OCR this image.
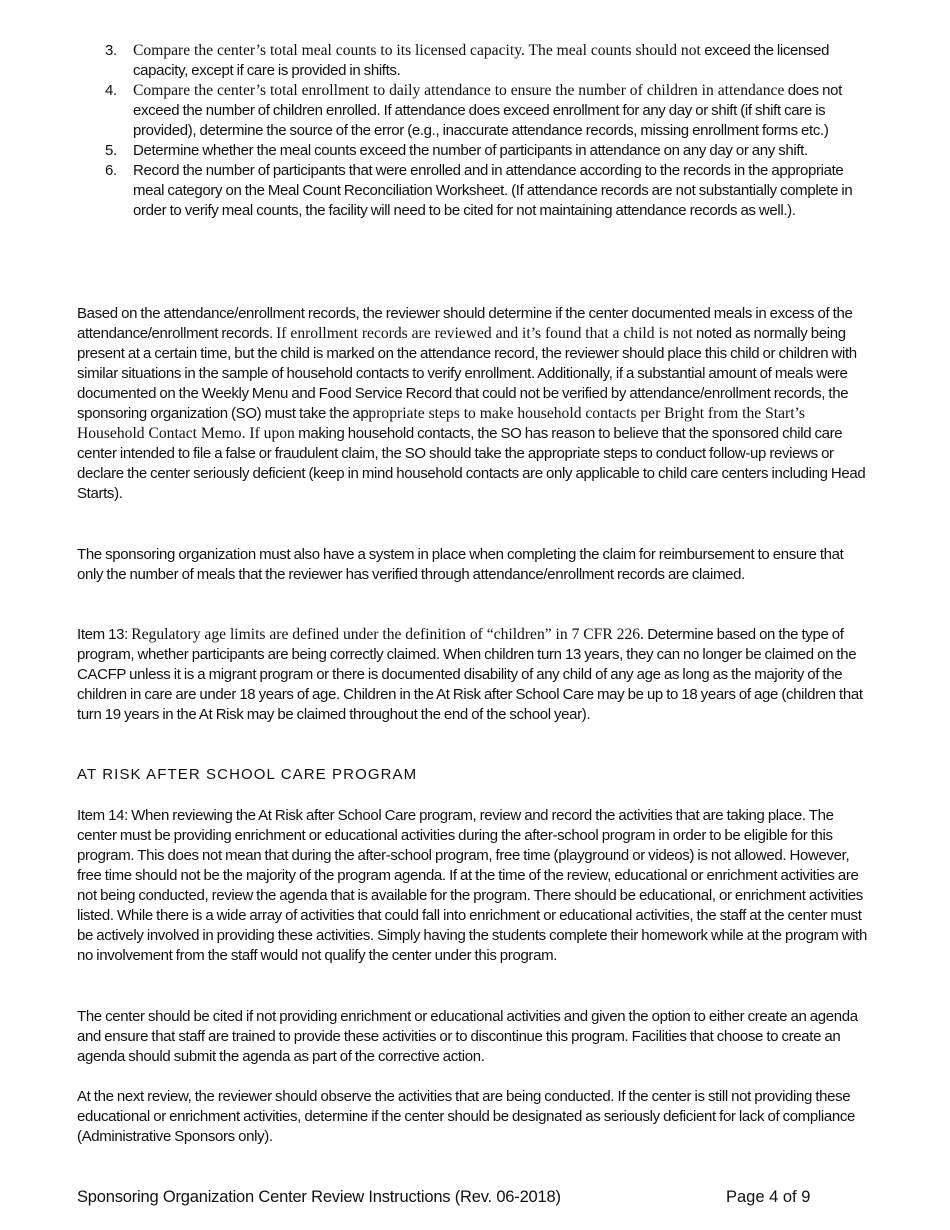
3. Compare the center’s total meal counts to its licensed capacity. The meal counts should not exceed the licensed capacity, except if care is provided in shifts.
4. Compare the center’s total enrollment to daily attendance to ensure the number of children in attendance does not exceed the number of children enrolled. If attendance does exceed enrollment for any day or shift (if shift care is provided), determine the source of the error (e.g., inaccurate attendance records, missing enrollment forms etc.)
5. Determine whether the meal counts exceed the number of participants in attendance on any day or any shift.
6. Record the number of participants that were enrolled and in attendance according to the records in the appropriate meal category on the Meal Count Reconciliation Worksheet. (If attendance records are not substantially complete in order to verify meal counts, the facility will need to be cited for not maintaining attendance records as well.).

Based on the attendance/enrollment records, the reviewer should determine if the center documented meals in excess of the attendance/enrollment records. If enrollment records are reviewed and it’s found that a child is not noted as normally being present at a certain time, but the child is marked on the attendance record, the reviewer should place this child or children with similar situations in the sample of household contacts to verify enrollment. Additionally, if a substantial amount of meals were documented on the Weekly Menu and Food Service Record that could not be verified by attendance/enrollment records, the sponsoring organization (SO) must take the appropriate steps to make household contacts per Bright from the Start’s Household Contact Memo. If upon making household contacts, the SO has reason to believe that the sponsored child care center intended to file a false or fraudulent claim, the SO should take the appropriate steps to conduct follow-up reviews or declare the center seriously deficient (keep in mind household contacts are only applicable to child care centers including Head Starts).

The sponsoring organization must also have a system in place when completing the claim for reimbursement to ensure that only the number of meals that the reviewer has verified through attendance/enrollment records are claimed.

Item 13: Regulatory age limits are defined under the definition of “children” in 7 CFR 226. Determine based on the type of program, whether participants are being correctly claimed. When children turn 13 years, they can no longer be claimed on the CACFP unless it is a migrant program or there is documented disability of any child of any age as long as the majority of the children in care are under 18 years of age. Children in the At Risk after School Care may be up to 18 years of age (children that turn 19 years in the At Risk may be claimed throughout the end of the school year).

AT RISK AFTER SCHOOL CARE PROGRAM

Item 14: When reviewing the At Risk after School Care program, review and record the activities that are taking place. The center must be providing enrichment or educational activities during the after-school program in order to be eligible for this program. This does not mean that during the after-school program, free time (playground or videos) is not allowed. However, free time should not be the majority of the program agenda. If at the time of the review, educational or enrichment activities are not being conducted, review the agenda that is available for the program. There should be educational, or enrichment activities listed. While there is a wide array of activities that could fall into enrichment or educational activities, the staff at the center must be actively involved in providing these activities. Simply having the students complete their homework while at the program with no involvement from the staff would not qualify the center under this program.

The center should be cited if not providing enrichment or educational activities and given the option to either create an agenda and ensure that staff are trained to provide these activities or to discontinue this program. Facilities that choose to create an agenda should submit the agenda as part of the corrective action.

At the next review, the reviewer should observe the activities that are being conducted. If the center is still not providing these educational or enrichment activities, determine if the center should be designated as seriously deficient for lack of compliance (Administrative Sponsors only).

Sponsoring Organization Center Review Instructions (Rev. 06-2018)	Page 4 of 9
